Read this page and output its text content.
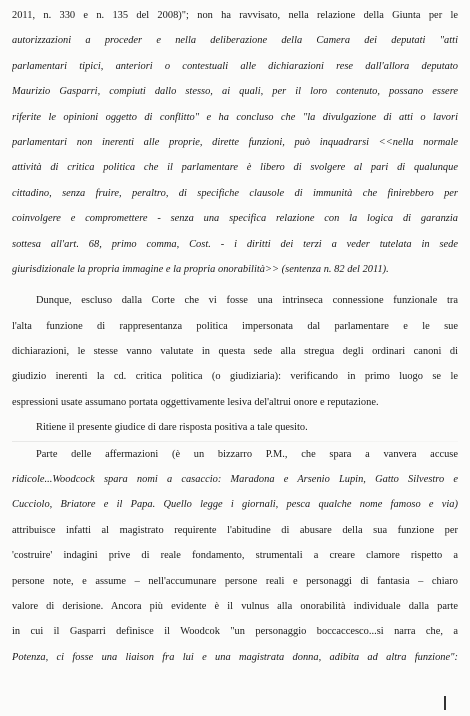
2011, n. 330 e n. 135 del 2008)"; non ha ravvisato, nella relazione della Giunta per le
autorizzazioni a proceder e nella deliberazione della Camera dei deputati "atti
parlamentari tipici, anteriori o contestuali alle dichiarazioni rese dall'allora deputato
Maurizio Gasparri, compiuti dallo stesso, ai quali, per il loro contenuto, possano essere
riferite le opinioni oggetto di conflitto" e ha concluso che "la divulgazione di atti o lavori
parlamentari non inerenti alle proprie, dirette funzioni, può inquadrarsi <<nella normale
attività di critica politica che il parlamentare è libero di svolgere al pari di qualunque
cittadino, senza fruire, peraltro, di specifiche clausole di immunità che finirebbero per
coinvolgere e compromettere - senza una specifica relazione con la logica di garanzia
sottesa all'art. 68, primo comma, Cost. - i diritti dei terzi a veder tutelata in sede
giurisdizionale la propria immagine e la propria onorabilità>> (sentenza n. 82 del 2011).
Dunque, escluso dalla Corte che vi fosse una intrinseca connessione funzionale tra
l'alta funzione di rappresentanza politica impersonata dal parlamentare e le sue
dichiarazioni, le stesse vanno valutate in questa sede alla stregua degli ordinari canoni di
giudizio inerenti la cd. critica politica (o giudiziaria): verificando in primo luogo se le
espressioni usate assumano portata oggettivamente lesiva del'altrui onore e reputazione.
Ritiene il presente giudice di dare risposta positiva a tale quesito.
Parte delle affermazioni (è un bizzarro P.M., che spara a vanvera accuse
ridicole...Woodcock spara nomi a casaccio: Maradona e Arsenio Lupin, Gatto Silvestro e
Cucciolo, Briatore e il Papa. Quello legge i giornali, pesca qualche nome famoso e via)
attribuisce infatti al magistrato requirente l'abitudine di abusare della sua funzione per
'costruire' indagini prive di reale fondamento, strumentali a creare clamore rispetto a
persone note, e assume – nell'accumunare persone reali e personaggi di fantasia – chiaro
valore di derisione. Ancora più evidente è il vulnus alla onorabilità individuale dalla parte
in cui il Gasparri definisce il Woodcok "un personaggio boccaccesco...si narra che, a
Potenza, ci fosse una liaison fra lui e una magistrata donna, adibita ad altra funzione":
